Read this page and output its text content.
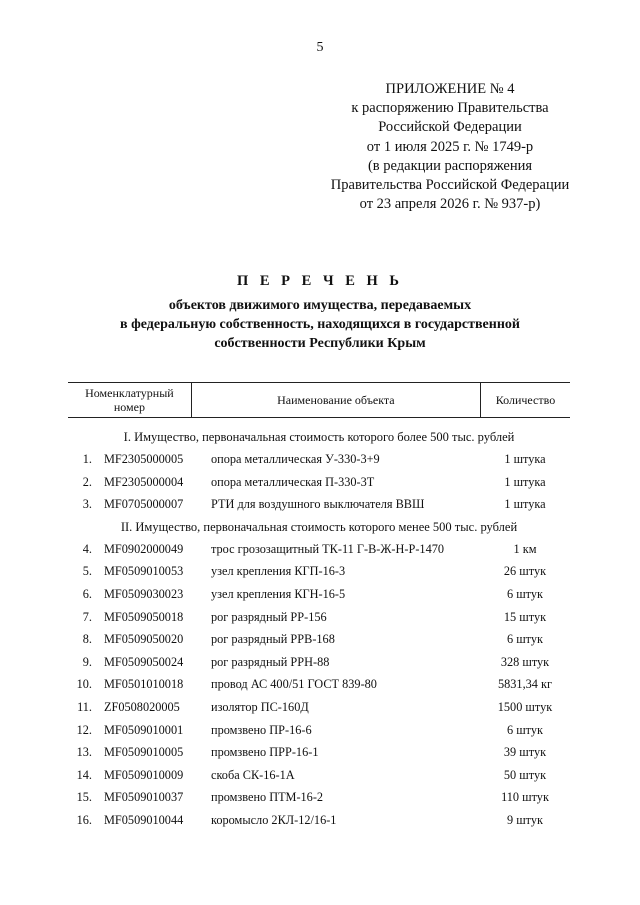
5
ПРИЛОЖЕНИЕ № 4
к распоряжению Правительства
Российской Федерации
от 1 июля 2025 г. № 1749-р
(в редакции распоряжения
Правительства Российской Федерации
от 23 апреля 2026 г. № 937-р)
П Е Р Е Ч Е Н Ь
объектов движимого имущества, передаваемых
в федеральную собственность, находящихся в государственной
собственности Республики Крым
Номенклатурный
номер	Наименование объекта	Количество
I. Имущество, первоначальная стоимость которого более 500 тыс. рублей
1. MF2305000005 опора металлическая У-330-3+9	1 штука
2. MF2305000004 опора металлическая П-330-3Т	1 штука
3. MF0705000007 РТИ для воздушного выключателя ВВШ	1 штука
II. Имущество, первоначальная стоимость которого менее 500 тыс. рублей
4. MF0902000049 трос грозозащитный ТК-11 Г-В-Ж-Н-Р-1470	1 км
5. MF0509010053 узел крепления КГП-16-3	26 штук
6. MF0509030023 узел крепления КГН-16-5	6 штук
7. MF0509050018 рог разрядный РР-156	15 штук
8. MF0509050020 рог разрядный РРВ-168	6 штук
9. MF0509050024 рог разрядный РРН-88	328 штук
10. MF0501010018 провод АС 400/51 ГОСТ 839-80	5831,34 кг
11. ZF0508020005	изолятор ПС-160Д	1500 штук
12. MF0509010001 промзвено ПР-16-6	6 штук
13. MF0509010005 промзвено ПРР-16-1	39 штук
14. MF0509010009 скоба СК-16-1А	50 штук
15. MF0509010037 промзвено ПТМ-16-2	110 штук
16. MF0509010044 коромысло 2КЛ-12/16-1	9 штук
